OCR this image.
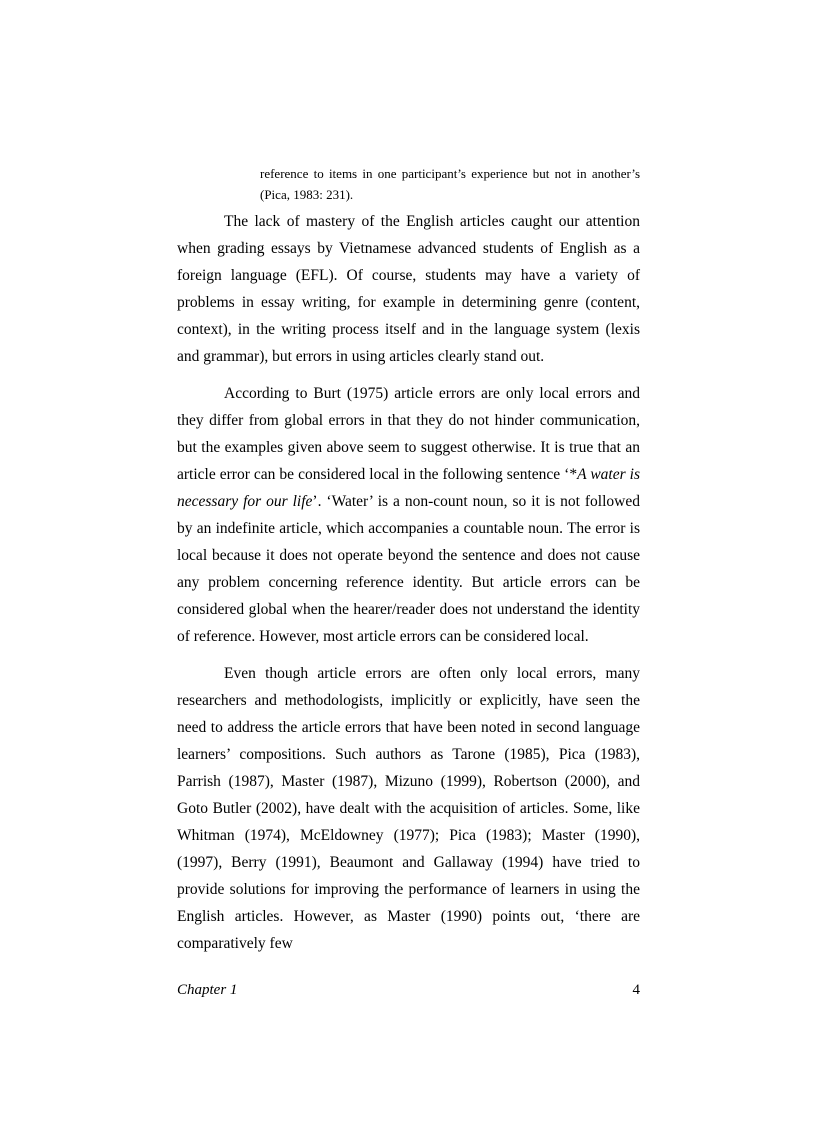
reference to items in one participant’s experience but not in another’s (Pica, 1983: 231).

The lack of mastery of the English articles caught our attention when grading essays by Vietnamese advanced students of English as a foreign language (EFL). Of course, students may have a variety of problems in essay writing, for example in determining genre (content, context), in the writing process itself and in the language system (lexis and grammar), but errors in using articles clearly stand out.

According to Burt (1975) article errors are only local errors and they differ from global errors in that they do not hinder communication, but the examples given above seem to suggest otherwise. It is true that an article error can be considered local in the following sentence ‘*A water is necessary for our life’. ‘Water’ is a non-count noun, so it is not followed by an indefinite article, which accompanies a countable noun. The error is local because it does not operate beyond the sentence and does not cause any problem concerning reference identity. But article errors can be considered global when the hearer/reader does not understand the identity of reference. However, most article errors can be considered local.

Even though article errors are often only local errors, many researchers and methodologists, implicitly or explicitly, have seen the need to address the article errors that have been noted in second language learners’ compositions. Such authors as Tarone (1985), Pica (1983), Parrish (1987), Master (1987), Mizuno (1999), Robertson (2000), and Goto Butler (2002), have dealt with the acquisition of articles. Some, like Whitman (1974), McEldowney (1977); Pica (1983); Master (1990), (1997), Berry (1991), Beaumont and Gallaway (1994) have tried to provide solutions for improving the performance of learners in using the English articles. However, as Master (1990) points out, ‘there are comparatively few

Chapter 1	4
